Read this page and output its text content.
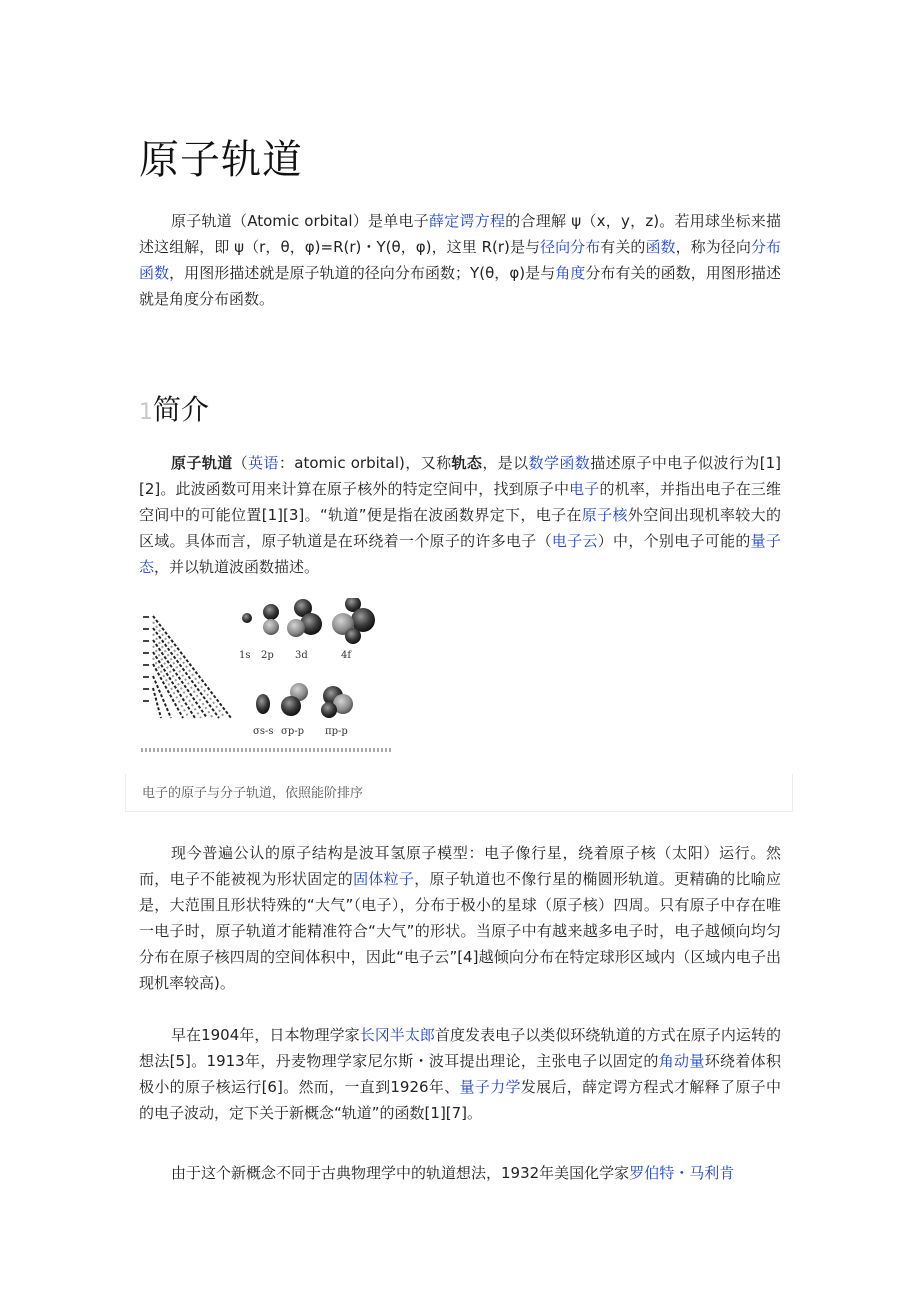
原子轨道

原子轨道（Atomic orbital）是单电子薛定谔方程的合理解 ψ（x，y，z)。若用球坐标来描述这组解，即 ψ（r，θ，φ)=R(r)・Y(θ，φ)，这里 R(r)是与径向分布有关的函数，称为径向分布函数，用图形描述就是原子轨道的径向分布函数；Y(θ，φ)是与角度分布有关的函数，用图形描述就是角度分布函数。

1简介

原子轨道（英语：atomic orbital)，又称轨态，是以数学函数描述原子中电子似波行为[1][2]。此波函数可用来计算在原子核外的特定空间中，找到原子中电子的机率，并指出电子在三维空间中的可能位置[1][3]。“轨道”便是指在波函数界定下，电子在原子核外空间出现机率较大的区域。具体而言，原子轨道是在环绕着一个原子的许多电子（电子云）中，个别电子可能的量子态，并以轨道波函数描述。

1s 2p 3d	4f
σs-s σp-p πp-p
电子的原子与分子轨道，依照能阶排序

现今普遍公认的原子结构是波耳氢原子模型：电子像行星，绕着原子核（太阳）运行。然而，电子不能被视为形状固定的固体粒子，原子轨道也不像行星的椭圆形轨道。更精确的比喻应是，大范围且形状特殊的“大气”（电子），分布于极小的星球（原子核）四周。只有原子中存在唯一电子时，原子轨道才能精准符合“大气”的形状。当原子中有越来越多电子时，电子越倾向均匀分布在原子核四周的空间体积中，因此“电子云”[4]越倾向分布在特定球形区域内（区域内电子出现机率较高)。

早在1904年，日本物理学家长冈半太郎首度发表电子以类似环绕轨道的方式在原子内运转的想法[5]。1913年，丹麦物理学家尼尔斯・波耳提出理论，主张电子以固定的角动量环绕着体积极小的原子核运行[6]。然而，一直到1926年、量子力学发展后，薛定谔方程式才解释了原子中的电子波动，定下关于新概念“轨道”的函数[1][7]。

由于这个新概念不同于古典物理学中的轨道想法，1932年美国化学家罗伯特・马利肯
